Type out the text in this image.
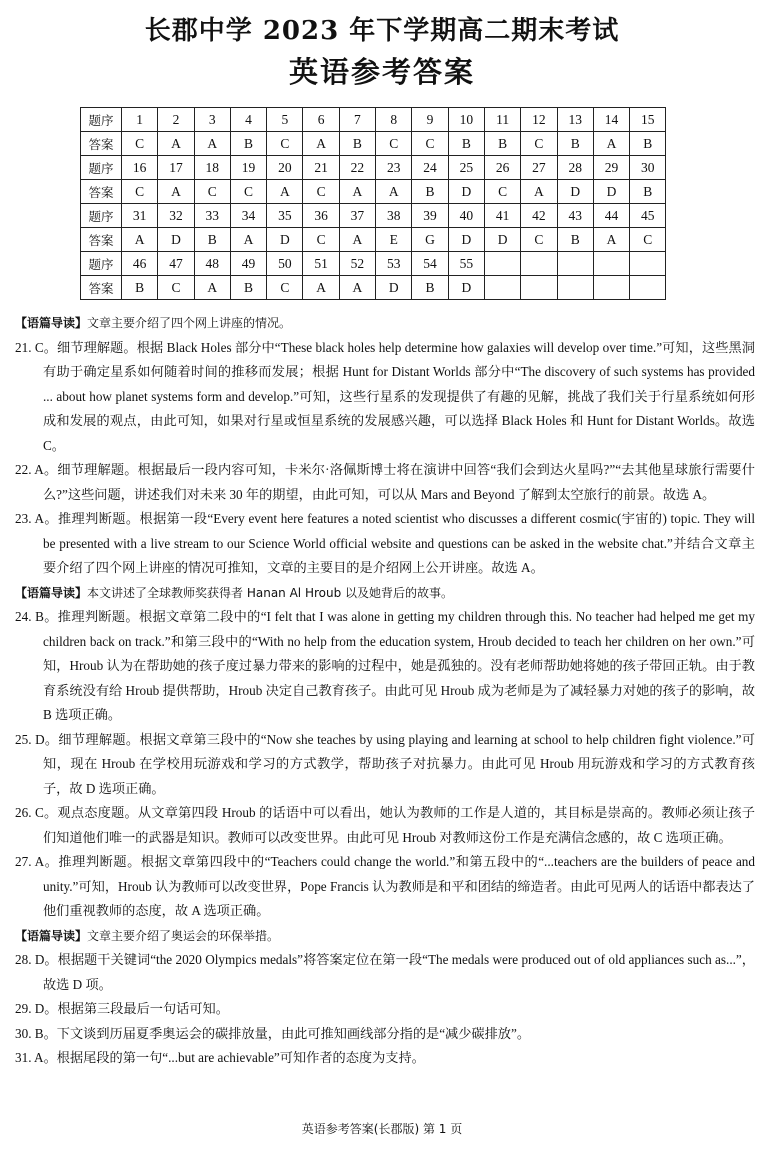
长郡中学 2023 年下学期高二期末考试
英语参考答案
题序	1	2	3	4	5	6	7	8	9	10	11	12	13	14	15
答案	C	A	A	B	C	A	B	C	C	B	B	C	B	A	B
题序	16	17	18	19	20	21	22	23	24	25	26	27	28	29	30
答案	C	A	C	C	A	C	A	A	B	D	C	A	D	D	B
题序	31	32	33	34	35	36	37	38	39	40	41	42	43	44	45
答案	A	D	B	A	D	C	A	E	G	D	D	C	B	A	C
题序	46	47	48	49	50	51	52	53	54	55					
答案	B	C	A	B	C	A	A	D	B	D					
【语篇导读】文章主要介绍了四个网上讲座的情况。
21. C。细节理解题。根据 Black Holes 部分中“These black holes help determine how galaxies will develop over time.”可知，这些黑洞有助于确定星系如何随着时间的推移而发展；根据 Hunt for Distant Worlds 部分中“The discovery of such systems has provided ... about how planet systems form and develop.”可知，这些行星系的发现提供了有趣的见解，挑战了我们关于行星系统如何形成和发展的观点，由此可知，如果对行星或恒星系统的发展感兴趣，可以选择 Black Holes 和 Hunt for Distant Worlds。故选 C。
22. A。细节理解题。根据最后一段内容可知，卡米尔·洛佩斯博士将在演讲中回答“我们会到达火星吗?”“去其他星球旅行需要什么?”这些问题，讲述我们对未来 30 年的期望，由此可知，可以从 Mars and Beyond 了解到太空旅行的前景。故选 A。
23. A。推理判断题。根据第一段“Every event here features a noted scientist who discusses a different cosmic(宇宙的) topic. They will be presented with a live stream to our Science World official website and questions can be asked in the website chat.”并结合文章主要介绍了四个网上讲座的情况可推知，文章的主要目的是介绍网上公开讲座。故选 A。
【语篇导读】本文讲述了全球教师奖获得者 Hanan Al Hroub 以及她背后的故事。
24. B。推理判断题。根据文章第二段中的“I felt that I was alone in getting my children through this. No teacher had helped me get my children back on track.”和第三段中的“With no help from the education system, Hroub decided to teach her children on her own.”可知，Hroub 认为在帮助她的孩子度过暴力带来的影响的过程中，她是孤独的。没有老师帮助她将她的孩子带回正轨。由于教育系统没有给 Hroub 提供帮助，Hroub 决定自己教育孩子。由此可见 Hroub 成为老师是为了减轻暴力对她的孩子的影响，故 B 选项正确。
25. D。细节理解题。根据文章第三段中的“Now she teaches by using playing and learning at school to help children fight violence.”可知，现在 Hroub 在学校用玩游戏和学习的方式教学，帮助孩子对抗暴力。由此可见 Hroub 用玩游戏和学习的方式教育孩子，故 D 选项正确。
26. C。观点态度题。从文章第四段 Hroub 的话语中可以看出，她认为教师的工作是人道的，其目标是崇高的。教师必须让孩子们知道他们唯一的武器是知识。教师可以改变世界。由此可见 Hroub 对教师这份工作是充满信念感的，故 C 选项正确。
27. A。推理判断题。根据文章第四段中的“Teachers could change the world.”和第五段中的“...teachers are the builders of peace and unity.”可知，Hroub 认为教师可以改变世界，Pope Francis 认为教师是和平和团结的缔造者。由此可见两人的话语中都表达了他们重视教师的态度，故 A 选项正确。
【语篇导读】文章主要介绍了奥运会的环保举措。
28. D。根据题干关键词“the 2020 Olympics medals”将答案定位在第一段“The medals were produced out of old appliances such as...”，故选 D 项。
29. D。根据第三段最后一句话可知。
30. B。下文谈到历届夏季奥运会的碳排放量，由此可推知画线部分指的是“减少碳排放”。
31. A。根据尾段的第一句“...but are achievable”可知作者的态度为支持。
英语参考答案(长郡版) 第 1 页
